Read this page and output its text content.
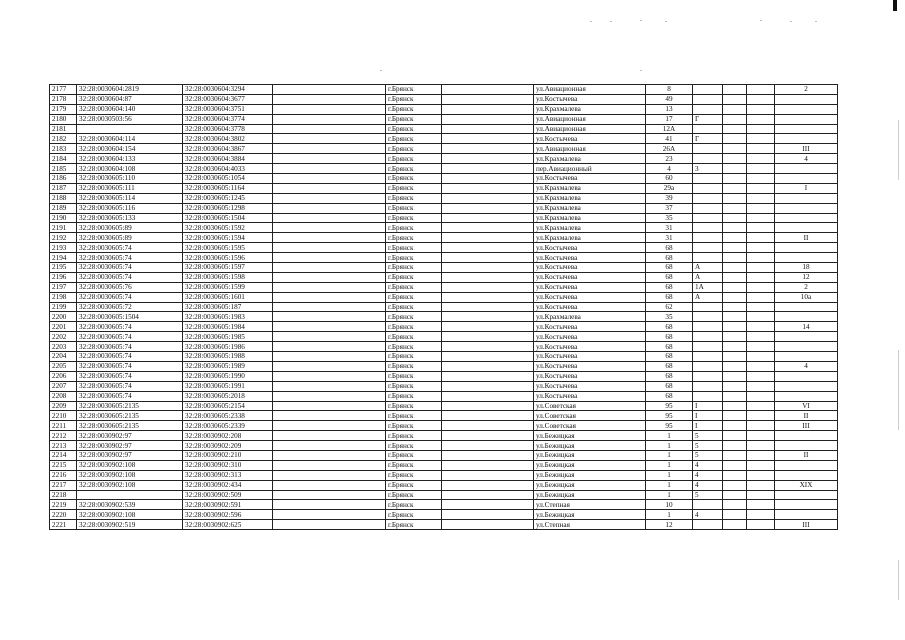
2177	32:28:0030604:2819	32:28:0030604:3294		г.Брянск		ул.Авиационная	8				2
2178	32:28:0030604:87	32:28:0030604:3677		г.Брянск		ул.Костычева	49				
2179	32:28:0030604:140	32:28:0030604:3751		г.Брянск		ул.Крахмалева	13				
2180	32:28:0030503:56	32:28:0030604:3774		г.Брянск		ул.Авиационная	17	Г			
2181		32:28:0030604:3778		г.Брянск		ул.Авиационная	12А				
2182	32:28:0030604:114	32:28:0030604:3802		г.Брянск		ул.Костычева	41	Г			
2183	32:28:0030604:154	32:28:0030604:3867		г.Брянск		ул.Авиационная	26А				III
2184	32:28:0030604:133	32:28:0030604:3884		г.Брянск		ул.Крахмалева	23				4
2185	32:28:0030604:108	32:28:0030604:4033		г.Брянск		пер.Авиационный	4	3			
2186	32:28:0030605:110	32:28:0030605:1054		г.Брянск		ул.Костычева	60				
2187	32:28:0030605:111	32:28:0030605:1164		г.Брянск		ул.Крахмалева	29а				I
2188	32:28:0030605:114	32:28:0030605:1245		г.Брянск		ул.Крахмалева	39				
2189	32:28:0030605:116	32:28:0030605:1298		г.Брянск		ул.Крахмалева	37				
2190	32:28:0030605:133	32:28:0030605:1504		г.Брянск		ул.Крахмалева	35				
2191	32:28:0030605:89	32:28:0030605:1592		г.Брянск		ул.Крахмалева	31				
2192	32:28:0030605:89	32:28:0030605:1594		г.Брянск		ул.Крахмалева	31				II
2193	32:28:0030605:74	32:28:0030605:1595		г.Брянск		ул.Костычева	68				
2194	32:28:0030605:74	32:28:0030605:1596		г.Брянск		ул.Костычева	68				
2195	32:28:0030605:74	32:28:0030605:1597		г.Брянск		ул.Костычева	68	А			18
2196	32:28:0030605:74	32:28:0030605:1598		г.Брянск		ул.Костычева	68	А			12
2197	32:28:0030605:76	32:28:0030605:1599		г.Брянск		ул.Костычева	68	1А			2
2198	32:28:0030605:74	32:28:0030605:1601		г.Брянск		ул.Костычева	68	А			10а
2199	32:28:0030605:72	32:28:0030605:187		г.Брянск		ул.Костычева	62				
2200	32:28:0030605:1504	32:28:0030605:1983		г.Брянск		ул.Крахмалева	35				
2201	32:28:0030605:74	32:28:0030605:1984		г.Брянск		ул.Костычева	68				14
2202	32:28:0030605:74	32:28:0030605:1985		г.Брянск		ул.Костычева	68				
2203	32:28:0030605:74	32:28:0030605:1986		г.Брянск		ул.Костычева	68				
2204	32:28:0030605:74	32:28:0030605:1988		г.Брянск		ул.Костычева	68				
2205	32:28:0030605:74	32:28:0030605:1989		г.Брянск		ул.Костычева	68				4
2206	32:28:0030605:74	32:28:0030605:1990		г.Брянск		ул.Костычева	68				
2207	32:28:0030605:74	32:28:0030605:1991		г.Брянск		ул.Костычева	68				
2208	32:28:0030605:74	32:28:0030605:2018		г.Брянск		ул.Костычева	68				
2209	32:28:0030605:2135	32:28:0030605:2154		г.Брянск		ул.Советская	95	I			VI
2210	32:28:0030605:2135	32:28:0030605:2338		г.Брянск		ул.Советская	95	I			II
2211	32:28:0030605:2135	32:28:0030605:2339		г.Брянск		ул.Советская	95	I			III
2212	32:28:0030902:97	32:28:0030902:208		г.Брянск		ул.Бежицкая	1	5			
2213	32:28:0030902:97	32:28:0030902:209		г.Брянск		ул.Бежицкая	1	5			
2214	32:28:0030902:97	32:28:0030902:210		г.Брянск		ул.Бежицкая	1	5			II
2215	32:28:0030902:108	32:28:0030902:310		г.Брянск		ул.Бежицкая	1	4			
2216	32:28:0030902:108	32:28:0030902:313		г.Брянск		ул.Бежицкая	1	4			
2217	32:28:0030902:108	32:28:0030902:434		г.Брянск		ул.Бежицкая	1	4			XIX
2218		32:28:0030902:509		г.Брянск		ул.Бежицкая	1	5			
2219	32:28:0030902:539	32:28:0030902:591		г.Брянск		ул.Степная	10				
2220	32:28:0030902:108	32:28:0030902:596		г.Брянск		ул.Бежицкая	1	4			
2221	32:28:0030902:519	32:28:0030902:625		г.Брянск		ул.Степная	12				III
